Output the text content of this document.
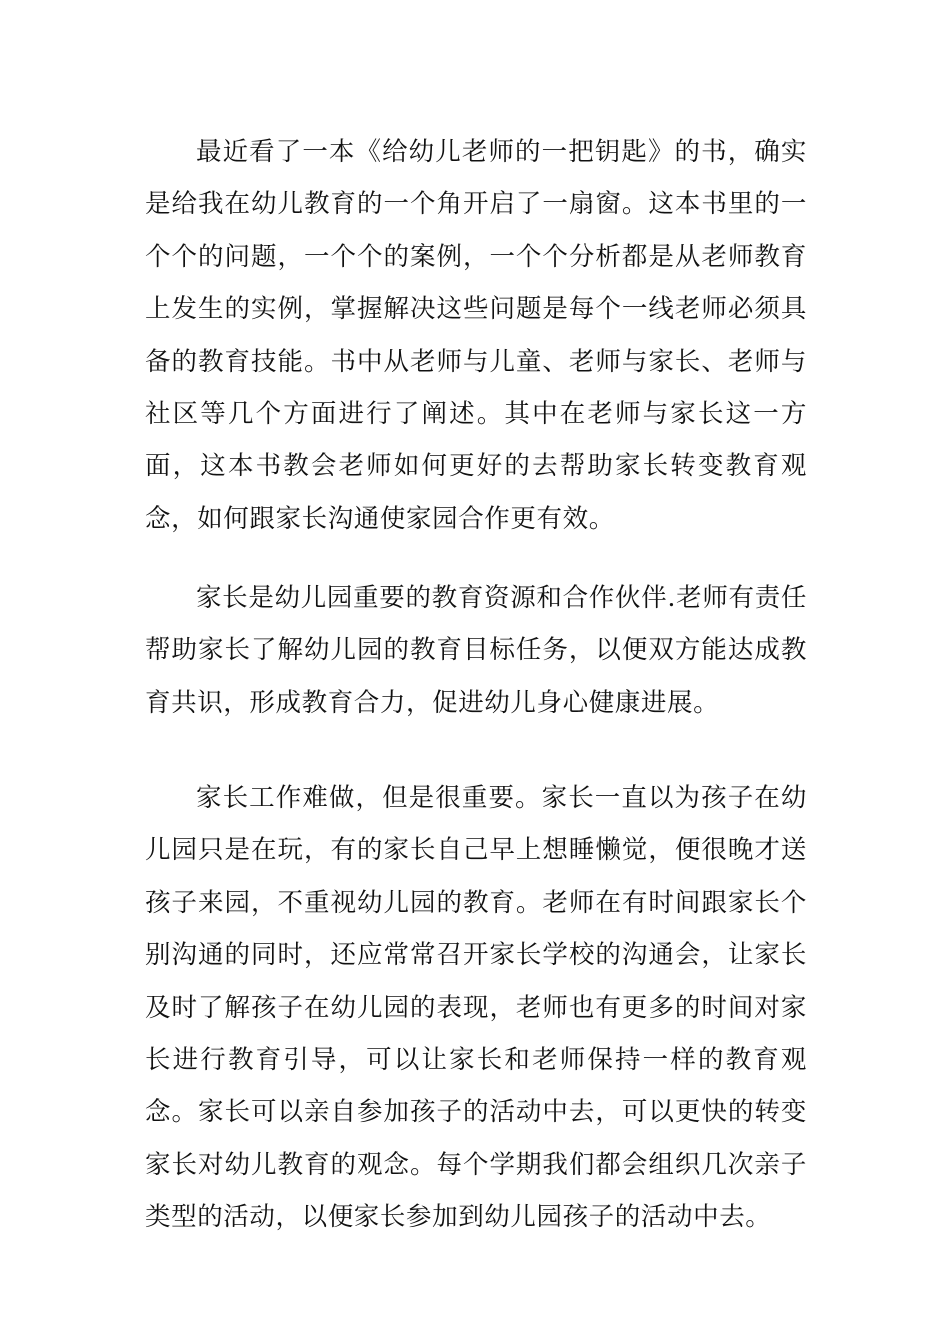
最近看了一本《给幼儿老师的一把钥匙》的书，确实是给我在幼儿教育的一个角开启了一扇窗。这本书里的一个个的问题，一个个的案例，一个个分析都是从老师教育上发生的实例，掌握解决这些问题是每个一线老师必须具备的教育技能。书中从老师与儿童、老师与家长、老师与社区等几个方面进行了阐述。其中在老师与家长这一方面，这本书教会老师如何更好的去帮助家长转变教育观念，如何跟家长沟通使家园合作更有效。

家长是幼儿园重要的教育资源和合作伙伴.老师有责任帮助家长了解幼儿园的教育目标任务，以便双方能达成教育共识，形成教育合力，促进幼儿身心健康进展。

家长工作难做，但是很重要。家长一直以为孩子在幼儿园只是在玩，有的家长自己早上想睡懒觉，便很晚才送孩子来园，不重视幼儿园的教育。老师在有时间跟家长个别沟通的同时，还应常常召开家长学校的沟通会，让家长及时了解孩子在幼儿园的表现，老师也有更多的时间对家长进行教育引导，可以让家长和老师保持一样的教育观念。家长可以亲自参加孩子的活动中去，可以更快的转变家长对幼儿教育的观念。每个学期我们都会组织几次亲子类型的活动，以便家长参加到幼儿园孩子的活动中去。
